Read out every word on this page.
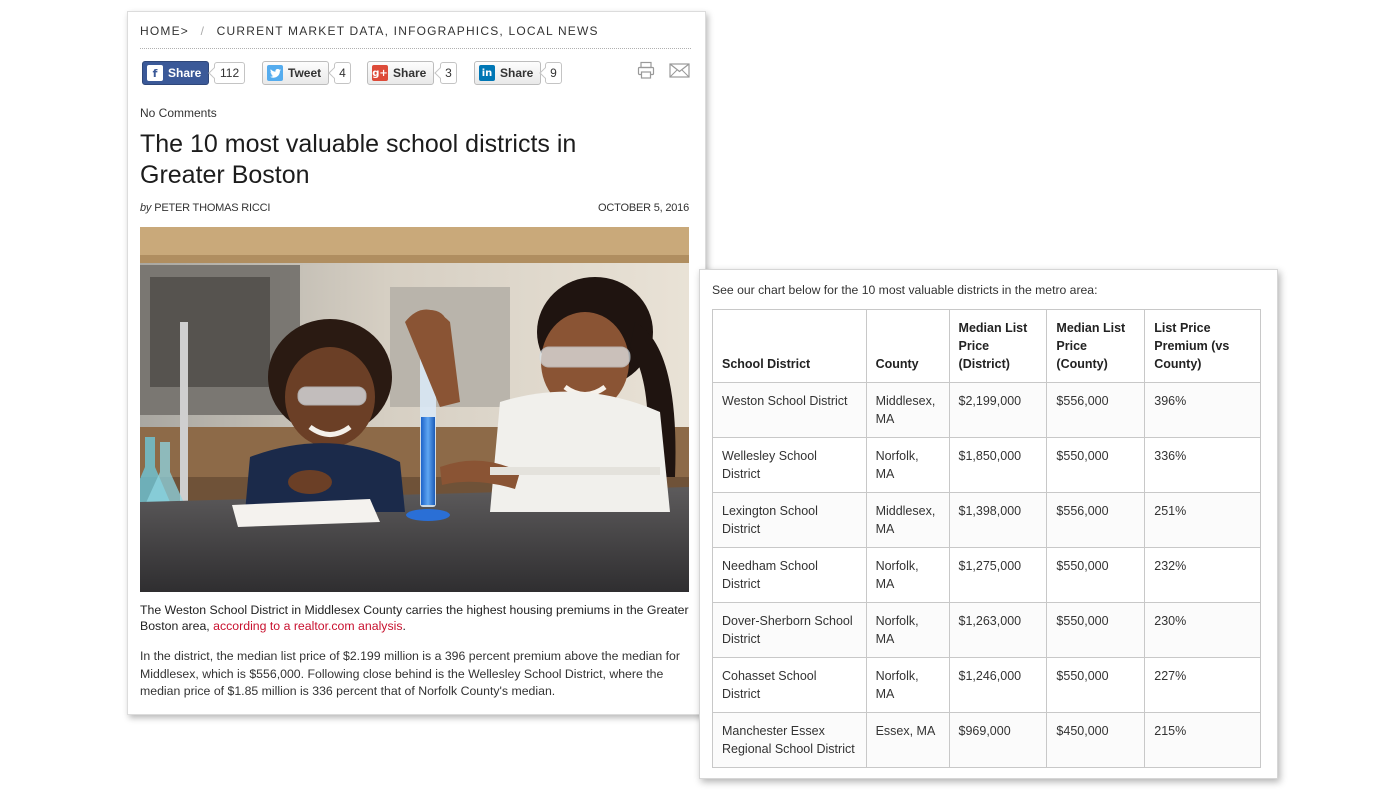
HOME> / CURRENT MARKET DATA, INFOGRAPHICS, LOCAL NEWS
f Share	112	Tweet	4	g+ Share	3	in Share	9
No Comments
The 10 most valuable school districts in Greater Boston
by PETER THOMAS RICCI	OCTOBER 5, 2016

The Weston School District in Middlesex County carries the highest housing premiums in the Greater Boston area, according to a realtor.com analysis.

In the district, the median list price of $2.199 million is a 396 percent premium above the median for Middlesex, which is $556,000. Following close behind is the Wellesley School District, where the median price of $1.85 million is 336 percent that of Norfolk County's median.

See our chart below for the 10 most valuable districts in the metro area:
School District	County	Median List Price (District)	Median List Price (County)	List Price Premium (vs County)
Weston School District	Middlesex, MA	$2,199,000	$556,000	396%
Wellesley School District	Norfolk, MA	$1,850,000	$550,000	336%
Lexington School District	Middlesex, MA	$1,398,000	$556,000	251%
Needham School District	Norfolk, MA	$1,275,000	$550,000	232%
Dover-Sherborn School District	Norfolk, MA	$1,263,000	$550,000	230%
Cohasset School District	Norfolk, MA	$1,246,000	$550,000	227%
Manchester Essex Regional School District	Essex, MA	$969,000	$450,000	215%
